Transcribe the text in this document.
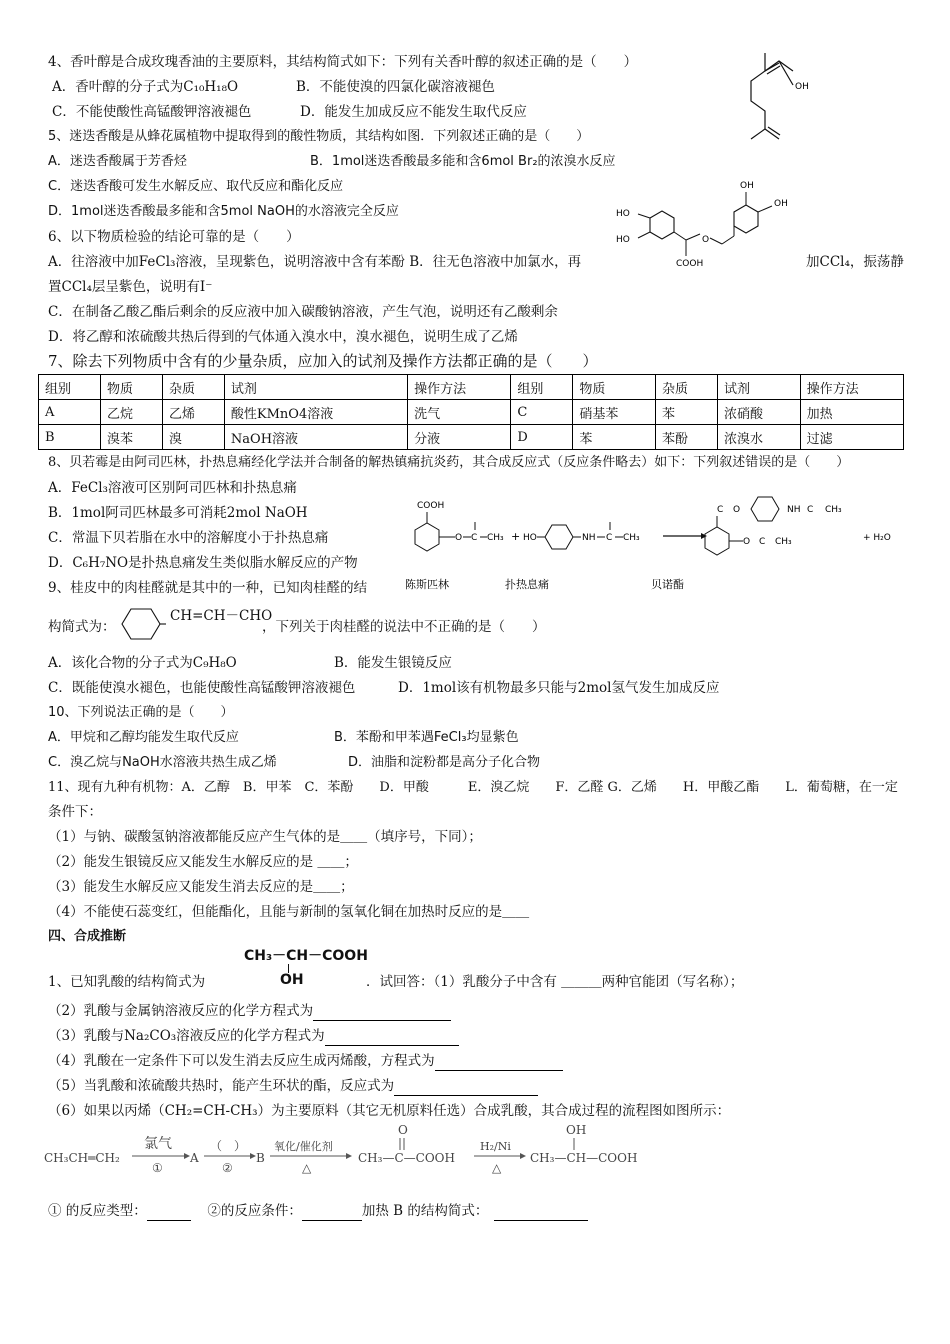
4、香叶醇是合成玫瑰香油的主要原料，其结构简式如下：下列有关香叶醇的叙述正确的是（　　）
A．香叶醇的分子式为C₁₀H₁₈O	B．不能使溴的四氯化碳溶液褪色
C．不能使酸性高锰酸钾溶液褪色	D．能发生加成反应不能发生取代反应
OH
5、迷迭香酸是从蜂花属植物中提取得到的酸性物质，其结构如图．下列叙述正确的是（　　）
A．迷迭香酸属于芳香烃	B．1mol迷迭香酸最多能和含6mol Br₂的浓溴水反应
C．迷迭香酸可发生水解反应、取代反应和酯化反应
D．1mol迷迭香酸最多能和含5mol NaOH的水溶液完全反应	HO
HO
COOH
O
OH
OH
6、以下物质检验的结论可靠的是（　　）
A．往溶液中加FeCl₃溶液，呈现紫色，说明溶液中含有苯酚 B．往无色溶液中加氯水，再	加CCl₄，振荡静
置CCl₄层呈紫色，说明有I⁻
C．在制备乙酸乙酯后剩余的反应液中加入碳酸钠溶液，产生气泡，说明还有乙酸剩余
D．将乙醇和浓硫酸共热后得到的气体通入溴水中，溴水褪色，说明生成了乙烯
7、除去下列物质中含有的少量杂质，应加入的试剂及操作方法都正确的是（　　）
组别	物质	杂质	试剂	操作方法	组别	物质	杂质	试剂	操作方法
A	乙烷	乙烯	酸性KMnO4溶液	洗气	C	硝基苯	苯	浓硝酸	加热
B	溴苯	溴	NaOH溶液	分液	D	苯	苯酚	浓溴水	过滤
8、贝若霉是由阿司匹林，扑热息痛经化学法并合制备的解热镇痛抗炎药，其合成反应式（反应条件略去）如下：下列叙述错误的是（　　）
A．FeCl₃溶液可区别阿司匹林和扑热息痛
B．1mol阿司匹林最多可消耗2mol NaOH
C．常温下贝若脂在水中的溶解度小于扑热息痛
D．C₆H₇NO是扑热息痛发生类似脂水解反应的产物
COOH
O C CH₃ + HO	NH C CH₃
C O	NH C CH₃
O C CH₃	+ H₂O
陈斯匹林	扑热息痛	贝诺酯
9、桂皮中的肉桂醛就是其中的一种，已知肉桂醛的结
构简式为：
CH=CH－CHO
，下列关于肉桂醛的说法中不正确的是（　　）
A．该化合物的分子式为C₉H₈O	B．能发生银镜反应
C．既能使溴水褪色，也能使酸性高锰酸钾溶液褪色	D．1mol该有机物最多只能与2mol氢气发生加成反应
10、下列说法正确的是（　　）
A．甲烷和乙醇均能发生取代反应	B．苯酚和甲苯遇FeCl₃均显紫色
C．溴乙烷与NaOH水溶液共热生成乙烯	D．油脂和淀粉都是高分子化合物
11、现有九种有机物：A．乙醇　B．甲苯　C．苯酚　　D．甲酸　　　E．溴乙烷　　F．乙醛 G．乙烯　　H．甲酸乙酯　　L．葡萄糖，在一定
条件下：
（1）与钠、碳酸氢钠溶液都能反应产生气体的是＿＿（填序号，下同）；
（2）能发生银镜反应又能发生水解反应的是 ＿＿；
（3）能发生水解反应又能发生消去反应的是＿＿；
（4）不能使石蕊变红，但能酯化，且能与新制的氢氧化铜在加热时反应的是＿＿
四、合成推断
CH₃－CH－COOH
OH
1、已知乳酸的结构简式为	．试回答：（1）乳酸分子中含有 ＿＿＿两种官能团（写名称）；
（2）乳酸与金属钠溶液反应的化学方程式为
（3）乳酸与Na₂CO₃溶液反应的化学方程式为
（4）乳酸在一定条件下可以发生消去反应生成丙烯酸，方程式为
（5）当乳酸和浓硫酸共热时，能产生环状的酯，反应式为
（6）如果以丙烯（CH₂=CH-CH₃）为主要原料（其它无机原料任选）合成乳酸，其合成过程的流程图如图所示：
CH₃CH═CH₂
氯气
①
A
（　）
②
B
氧化/催化剂
△
O
CH₃—C—COOH
H₂/Ni
△
OH
CH₃—CH—COOH
① 的反应类型：	②的反应条件：	加热 B 的结构简式：
